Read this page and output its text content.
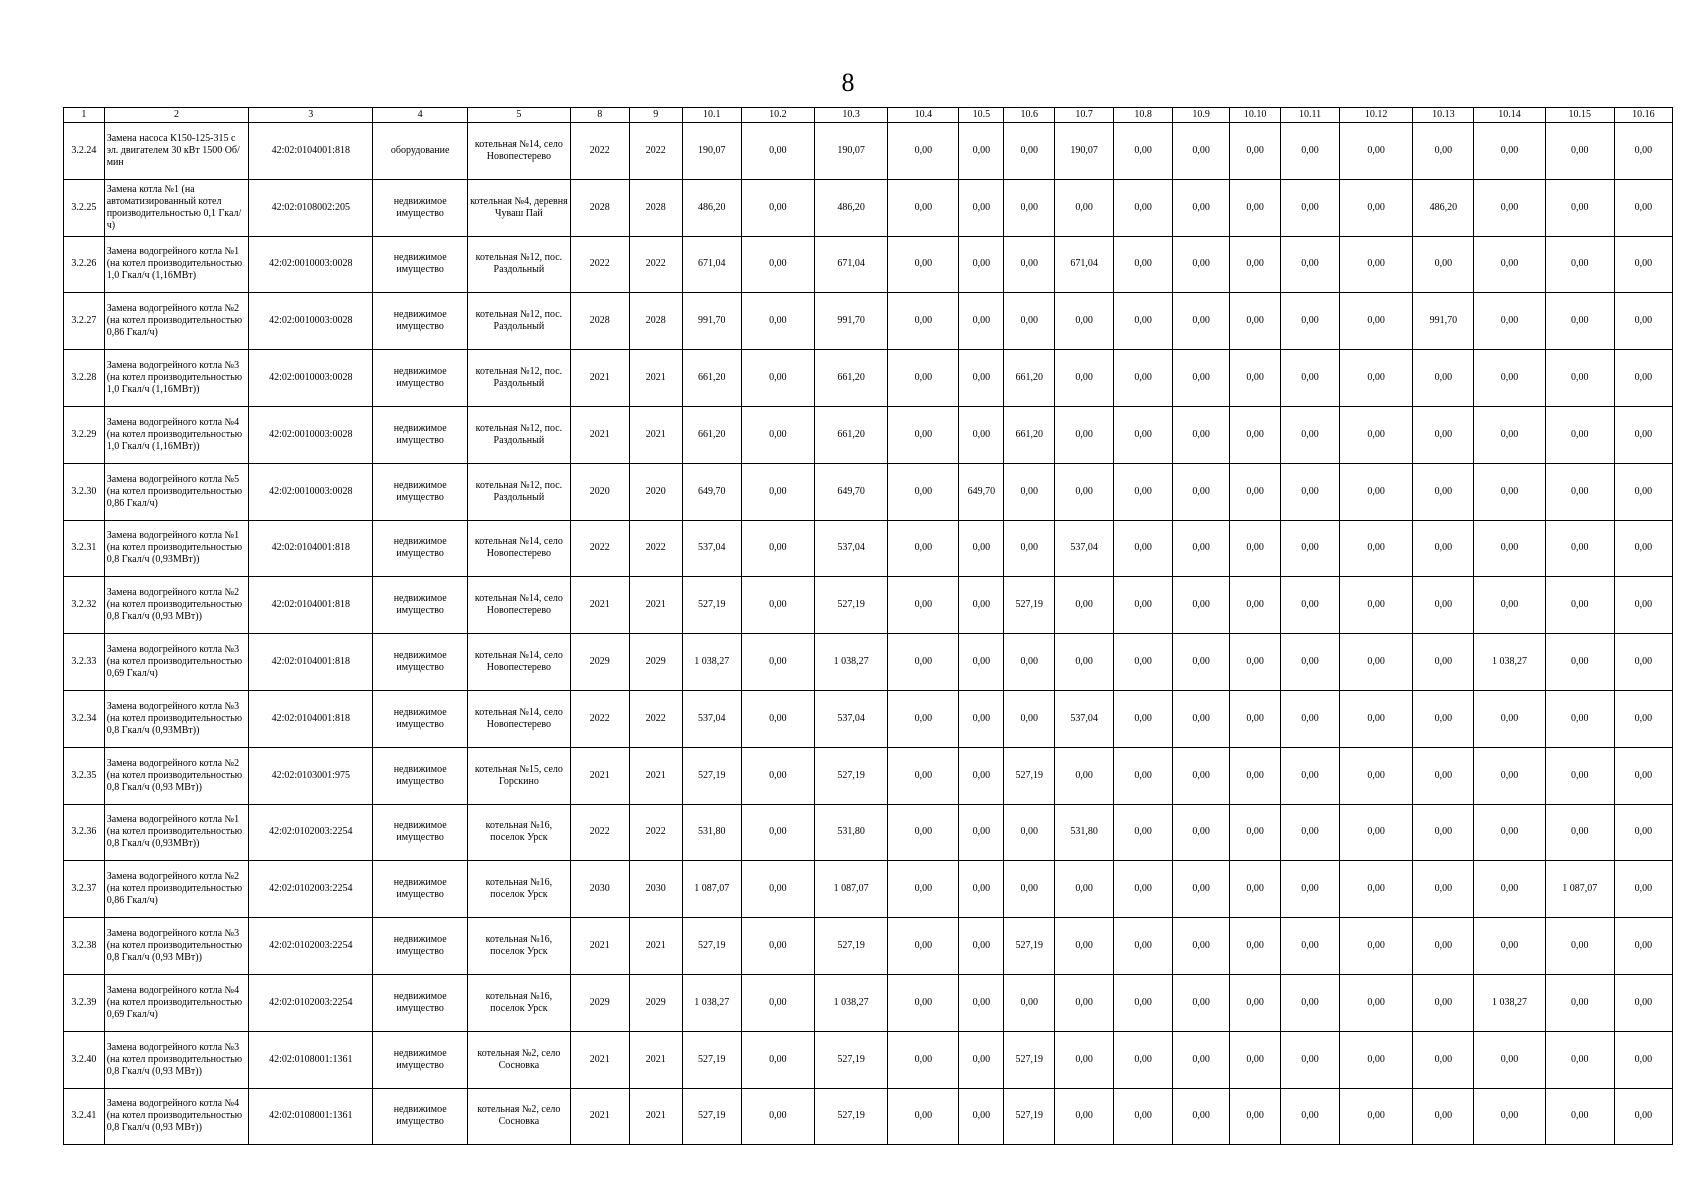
8
1	2	3	4	5	8	9	10.1	10.2	10.3	10.4	10.5	10.6	10.7	10.8	10.9	10.10	10.11	10.12	10.13	10.14	10.15	10.16
3.2.24	Замена насоса К150-125-315 с эл. двигателем 30 кВт 1500 Об/мин	42:02:0104001:818	оборудование	котельная №14, село Новопестерево	2022	2022	190,07	0,00	190,07	0,00	0,00	0,00	190,07	0,00	0,00	0,00	0,00	0,00	0,00	0,00	0,00	0,00
3.2.25	Замена котла №1 (на автоматизированный котел производительностью 0,1 Гкал/ч)	42:02:0108002:205	недвижимое имущество	котельная №4, деревня Чуваш Пай	2028	2028	486,20	0,00	486,20	0,00	0,00	0,00	0,00	0,00	0,00	0,00	0,00	0,00	486,20	0,00	0,00	0,00
3.2.26	Замена водогрейного котла №1 (на котел производительностью 1,0 Гкал/ч (1,16МВт)	42:02:0010003:0028	недвижимое имущество	котельная №12, пос. Раздольный	2022	2022	671,04	0,00	671,04	0,00	0,00	0,00	671,04	0,00	0,00	0,00	0,00	0,00	0,00	0,00	0,00	0,00
3.2.27	Замена водогрейного котла №2 (на котел производительностью 0,86 Гкал/ч)	42:02:0010003:0028	недвижимое имущество	котельная №12, пос. Раздольный	2028	2028	991,70	0,00	991,70	0,00	0,00	0,00	0,00	0,00	0,00	0,00	0,00	0,00	991,70	0,00	0,00	0,00
3.2.28	Замена водогрейного котла №3 (на котел производительностью 1,0 Гкал/ч (1,16МВт))	42:02:0010003:0028	недвижимое имущество	котельная №12, пос. Раздольный	2021	2021	661,20	0,00	661,20	0,00	0,00	661,20	0,00	0,00	0,00	0,00	0,00	0,00	0,00	0,00	0,00	0,00
3.2.29	Замена водогрейного котла №4 (на котел производительностью 1,0 Гкал/ч (1,16МВт))	42:02:0010003:0028	недвижимое имущество	котельная №12, пос. Раздольный	2021	2021	661,20	0,00	661,20	0,00	0,00	661,20	0,00	0,00	0,00	0,00	0,00	0,00	0,00	0,00	0,00	0,00
3.2.30	Замена водогрейного котла №5 (на котел производительностью 0,86 Гкал/ч)	42:02:0010003:0028	недвижимое имущество	котельная №12, пос. Раздольный	2020	2020	649,70	0,00	649,70	0,00	649,70	0,00	0,00	0,00	0,00	0,00	0,00	0,00	0,00	0,00	0,00	0,00
3.2.31	Замена водогрейного котла №1 (на котел производительностью 0,8 Гкал/ч (0,93МВт))	42:02:0104001:818	недвижимое имущество	котельная №14, село Новопестерево	2022	2022	537,04	0,00	537,04	0,00	0,00	0,00	537,04	0,00	0,00	0,00	0,00	0,00	0,00	0,00	0,00	0,00
3.2.32	Замена водогрейного котла №2 (на котел производительностью 0,8 Гкал/ч (0,93 МВт))	42:02:0104001:818	недвижимое имущество	котельная №14, село Новопестерево	2021	2021	527,19	0,00	527,19	0,00	0,00	527,19	0,00	0,00	0,00	0,00	0,00	0,00	0,00	0,00	0,00	0,00
3.2.33	Замена водогрейного котла №3 (на котел производительностью 0,69 Гкал/ч)	42:02:0104001:818	недвижимое имущество	котельная №14, село Новопестерево	2029	2029	1 038,27	0,00	1 038,27	0,00	0,00	0,00	0,00	0,00	0,00	0,00	0,00	0,00	0,00	1 038,27	0,00	0,00
3.2.34	Замена водогрейного котла №3 (на котел производительностью 0,8 Гкал/ч (0,93МВт))	42:02:0104001:818	недвижимое имущество	котельная №14, село Новопестерево	2022	2022	537,04	0,00	537,04	0,00	0,00	0,00	537,04	0,00	0,00	0,00	0,00	0,00	0,00	0,00	0,00	0,00
3.2.35	Замена водогрейного котла №2 (на котел производительностью 0,8 Гкал/ч (0,93 МВт))	42:02:0103001:975	недвижимое имущество	котельная №15, село Горскино	2021	2021	527,19	0,00	527,19	0,00	0,00	527,19	0,00	0,00	0,00	0,00	0,00	0,00	0,00	0,00	0,00	0,00
3.2.36	Замена водогрейного котла №1 (на котел производительностью 0,8 Гкал/ч (0,93МВт))	42:02:0102003:2254	недвижимое имущество	котельная №16, поселок Урск	2022	2022	531,80	0,00	531,80	0,00	0,00	0,00	531,80	0,00	0,00	0,00	0,00	0,00	0,00	0,00	0,00	0,00
3.2.37	Замена водогрейного котла №2 (на котел производительностью 0,86 Гкал/ч)	42:02:0102003:2254	недвижимое имущество	котельная №16, поселок Урск	2030	2030	1 087,07	0,00	1 087,07	0,00	0,00	0,00	0,00	0,00	0,00	0,00	0,00	0,00	0,00	0,00	1 087,07	0,00
3.2.38	Замена водогрейного котла №3 (на котел производительностью 0,8 Гкал/ч (0,93 МВт))	42:02:0102003:2254	недвижимое имущество	котельная №16, поселок Урск	2021	2021	527,19	0,00	527,19	0,00	0,00	527,19	0,00	0,00	0,00	0,00	0,00	0,00	0,00	0,00	0,00	0,00
3.2.39	Замена водогрейного котла №4 (на котел производительностью 0,69 Гкал/ч)	42:02:0102003:2254	недвижимое имущество	котельная №16, поселок Урск	2029	2029	1 038,27	0,00	1 038,27	0,00	0,00	0,00	0,00	0,00	0,00	0,00	0,00	0,00	0,00	1 038,27	0,00	0,00
3.2.40	Замена водогрейного котла №3 (на котел производительностью 0,8 Гкал/ч (0,93 МВт))	42:02:0108001:1361	недвижимое имущество	котельная №2, село Сосновка	2021	2021	527,19	0,00	527,19	0,00	0,00	527,19	0,00	0,00	0,00	0,00	0,00	0,00	0,00	0,00	0,00	0,00
3.2.41	Замена водогрейного котла №4 (на котел производительностью 0,8 Гкал/ч (0,93 МВт))	42:02:0108001:1361	недвижимое имущество	котельная №2, село Сосновка	2021	2021	527,19	0,00	527,19	0,00	0,00	527,19	0,00	0,00	0,00	0,00	0,00	0,00	0,00	0,00	0,00	0,00
